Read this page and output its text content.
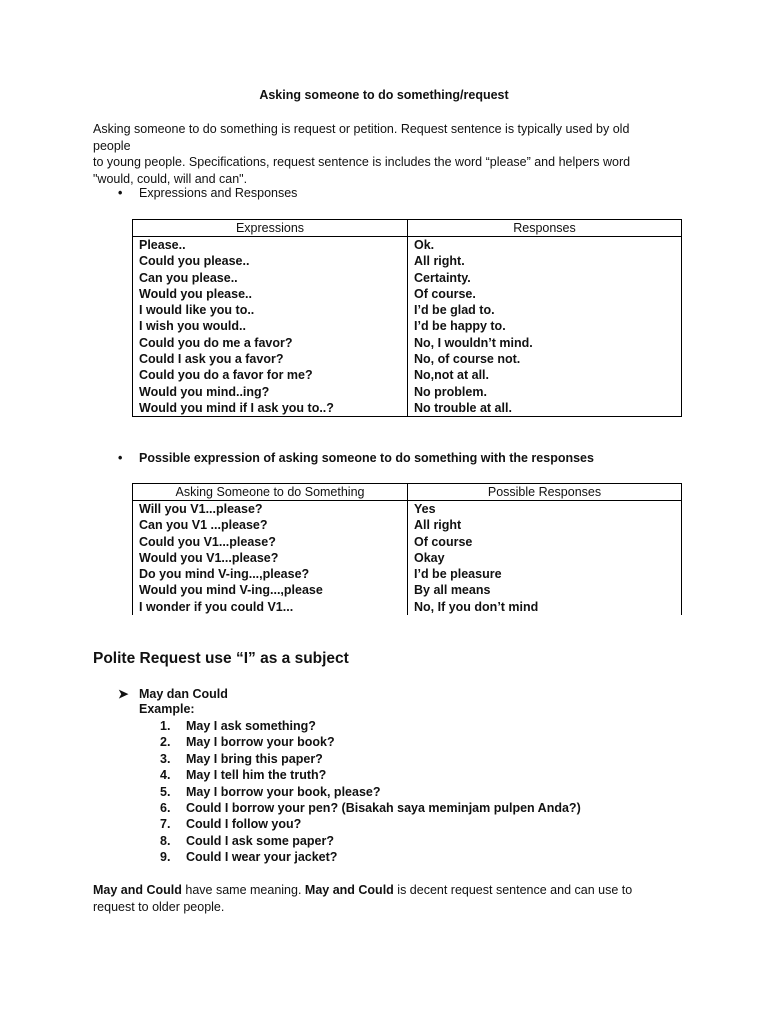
Asking someone to do something/request
Asking someone to do something is request or petition. Request sentence is typically used by old
people
to young people. Specifications, request sentence is includes the word “please” and helpers word
"would, could, will and can".
• Expressions and Responses
Expressions	Responses
Please..	Ok.
Could you please..	All right.
Can you please..	Certainty.
Would you please..	Of course.
I would like you to..	I’d be glad to.
I wish you would..	I’d be happy to.
Could you do me a favor?	No, I wouldn’t mind.
Could I ask you a favor?	No, of course not.
Could you do a favor for me?	No,not at all.
Would you mind..ing?	No problem.
Would you mind if I ask you to..?	No trouble at all.
• Possible expression of asking someone to do something with the responses
Asking Someone to do Something	Possible Responses
Will you V1...please?	Yes
Can you V1 ...please?	All right
Could you V1...please?	Of course
Would you V1...please?	Okay
Do you mind V-ing...,please?	I’d be pleasure
Would you mind V-ing...,please	By all means
I wonder if you could V1...	No, If you don’t mind
Polite Request use “I” as a subject
➤ May dan Could
Example:
1. May I ask something?
2. May I borrow your book?
3. May I bring this paper?
4. May I tell him the truth?
5. May I borrow your book, please?
6. Could I borrow your pen? (Bisakah saya meminjam pulpen Anda?)
7. Could I follow you?
8. Could I ask some paper?
9. Could I wear your jacket?
May and Could have same meaning. May and Could is decent request sentence and can use to
request to older people.
